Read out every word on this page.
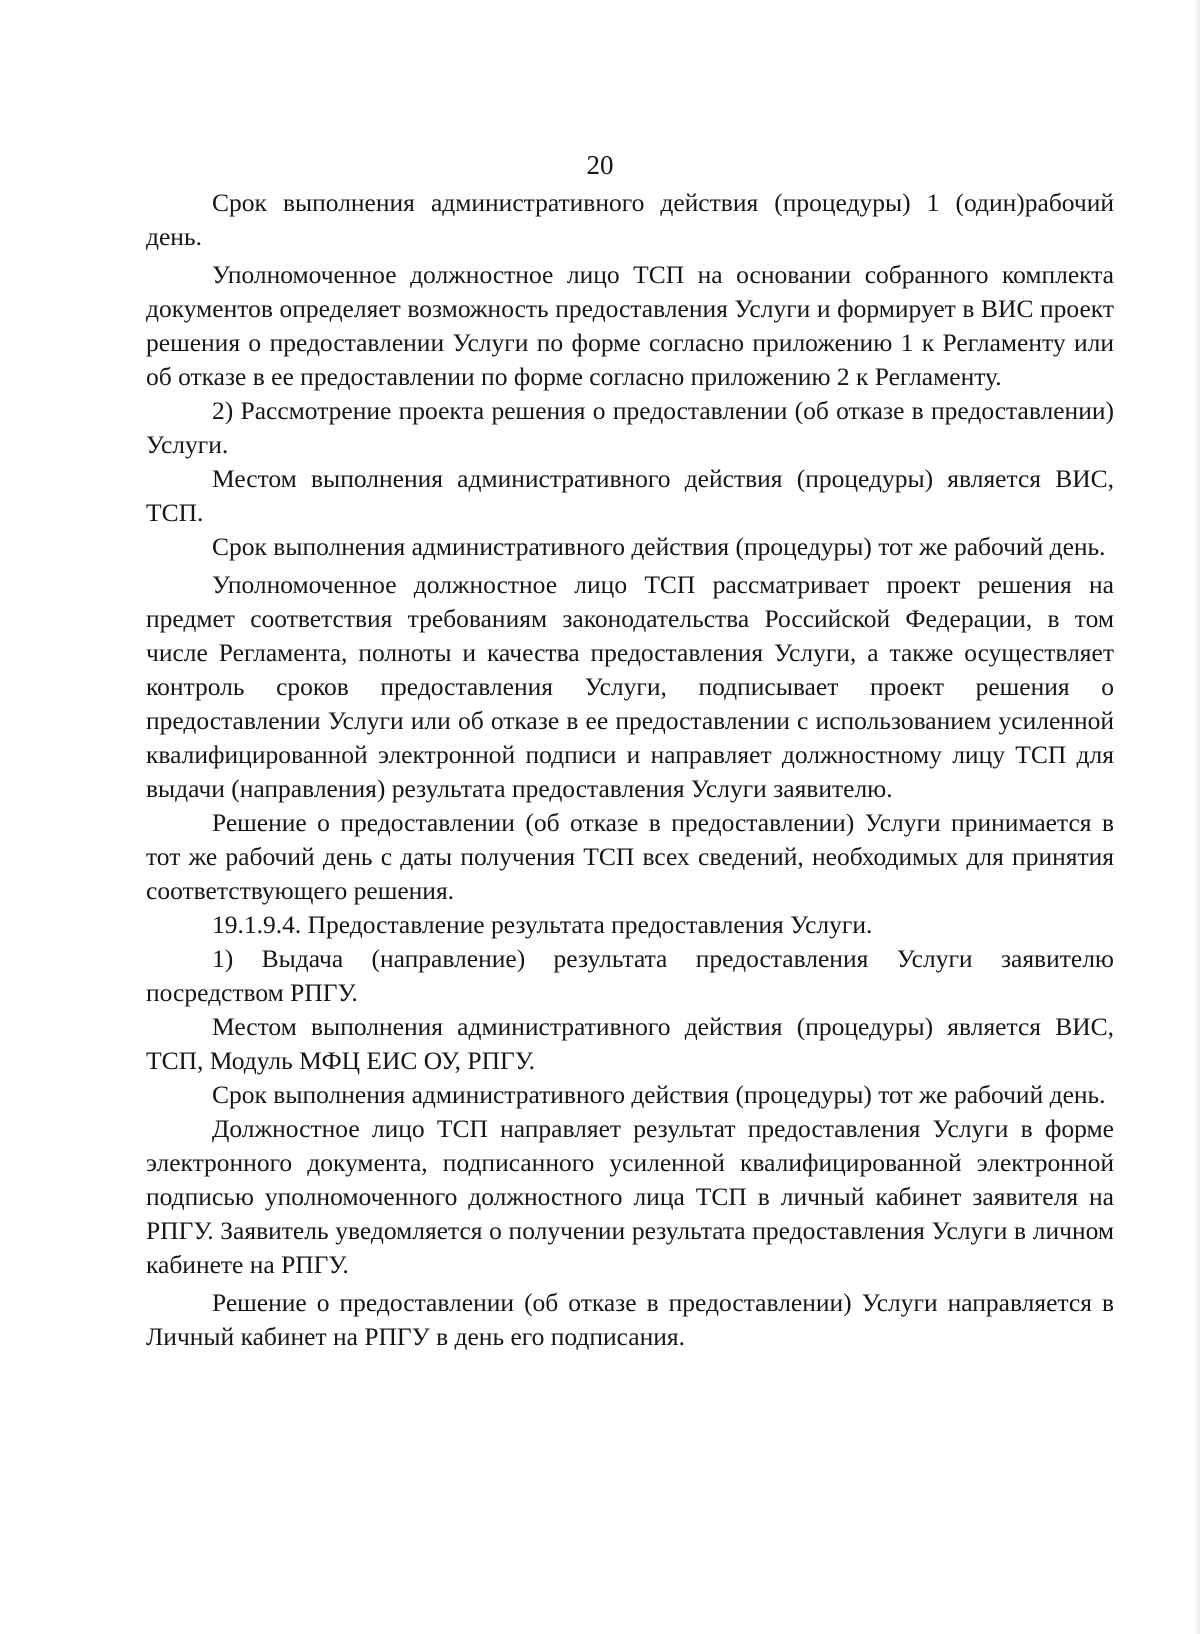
20

Срок выполнения административного действия (процедуры) 1 (один)рабочий день.

Уполномоченное должностное лицо ТСП на основании собранного комплекта документов определяет возможность предоставления Услуги и формирует в ВИС проект решения о предоставлении Услуги по форме согласно приложению 1 к Регламенту или об отказе в ее предоставлении по форме согласно приложению 2 к Регламенту.

2) Рассмотрение проекта решения о предоставлении (об отказе в предоставлении) Услуги.

Местом выполнения административного действия (процедуры) является ВИС, ТСП.

Срок выполнения административного действия (процедуры) тот же рабочий день.

Уполномоченное должностное лицо ТСП рассматривает проект решения на предмет соответствия требованиям законодательства Российской Федерации, в том числе Регламента, полноты и качества предоставления Услуги, а также осуществляет контроль сроков предоставления Услуги, подписывает проект решения о предоставлении Услуги или об отказе в ее предоставлении с использованием усиленной квалифицированной электронной подписи и направляет должностному лицу ТСП для выдачи (направления) результата предоставления Услуги заявителю.

Решение о предоставлении (об отказе в предоставлении) Услуги принимается в тот же рабочий день с даты получения ТСП всех сведений, необходимых для принятия соответствующего решения.

19.1.9.4. Предоставление результата предоставления Услуги.

1) Выдача (направление) результата предоставления Услуги заявителю посредством РПГУ.

Местом выполнения административного действия (процедуры) является ВИС, ТСП, Модуль МФЦ ЕИС ОУ, РПГУ.

Срок выполнения административного действия (процедуры) тот же рабочий день.

Должностное лицо ТСП направляет результат предоставления Услуги в форме электронного документа, подписанного усиленной квалифицированной электронной подписью уполномоченного должностного лица ТСП в личный кабинет заявителя на РПГУ. Заявитель уведомляется о получении результата предоставления Услуги в личном кабинете на РПГУ.

Решение о предоставлении (об отказе в предоставлении) Услуги направляется в Личный кабинет на РПГУ в день его подписания.
